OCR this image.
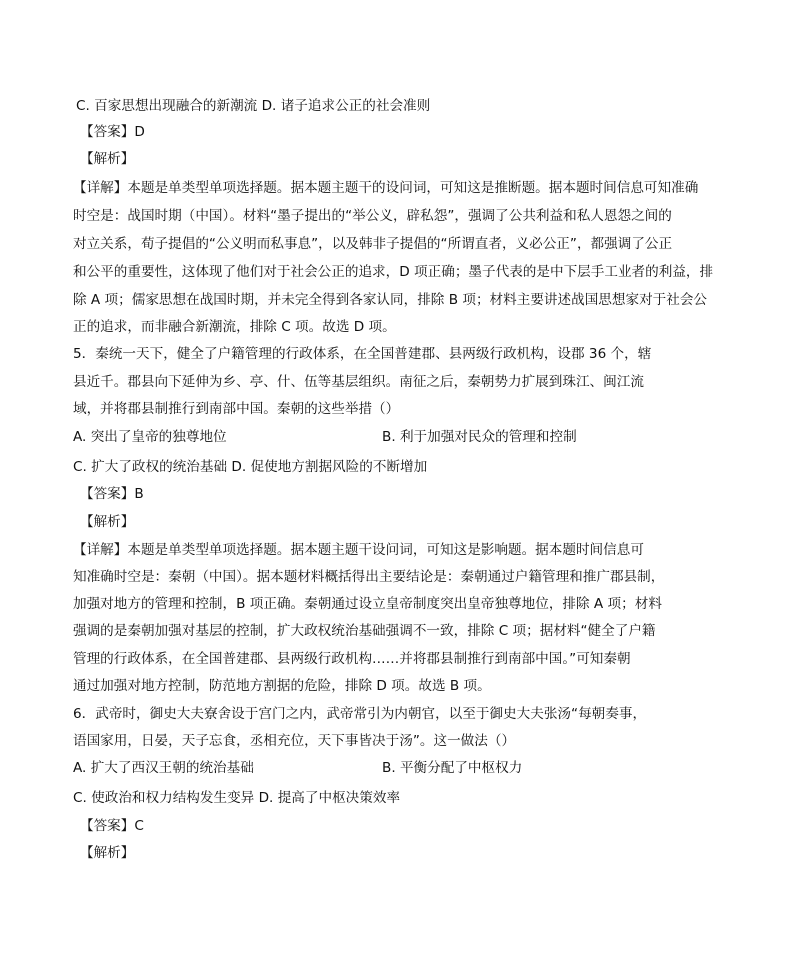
C. 百家思想出现融合的新潮流 D. 诸子追求公正的社会准则
【答案】D
【解析】
【详解】本题是单类型单项选择题。据本题主题干的设问词，可知这是推断题。据本题时间信息可知准确
时空是：战国时期（中国）。材料“墨子提出的“举公义，辟私怨”，强调了公共利益和私人恩怨之间的
对立关系，荀子提倡的“公义明而私事息”，以及韩非子提倡的“所谓直者，义必公正”，都强调了公正
和公平的重要性，这体现了他们对于社会公正的追求，D 项正确；墨子代表的是中下层手工业者的利益，排
除 A 项；儒家思想在战国时期，并未完全得到各家认同，排除 B 项；材料主要讲述战国思想家对于社会公
正的追求，而非融合新潮流，排除 C 项。故选 D 项。
5．秦统一天下，健全了户籍管理的行政体系，在全国普建郡、县两级行政机构，设郡 36 个，辖
县近千。郡县向下延伸为乡、亭、什、伍等基层组织。南征之后，秦朝势力扩展到珠江、闽江流
域，并将郡县制推行到南部中国。秦朝的这些举措（）
A. 突出了皇帝的独尊地位	B. 利于加强对民众的管理和控制
C. 扩大了政权的统治基础 D. 促使地方割据风险的不断增加
【答案】B
【解析】
【详解】本题是单类型单项选择题。据本题主题干设问词，可知这是影响题。据本题时间信息可
知准确时空是：秦朝（中国）。据本题材料概括得出主要结论是：秦朝通过户籍管理和推广郡县制，
加强对地方的管理和控制，B 项正确。秦朝通过设立皇帝制度突出皇帝独尊地位，排除 A 项；材料
强调的是秦朝加强对基层的控制，扩大政权统治基础强调不一致，排除 C 项；据材料“健全了户籍
管理的行政体系，在全国普建郡、县两级行政机构……并将郡县制推行到南部中国。”可知秦朝
通过加强对地方控制，防范地方割据的危险，排除 D 项。故选 B 项。
6．武帝时，御史大夫寮舍设于宫门之内，武帝常引为内朝官，以至于御史大夫张汤“每朝奏事，
语国家用，日晏，天子忘食，丞相充位，天下事皆决于汤”。这一做法（）
A. 扩大了西汉王朝的统治基础	B. 平衡分配了中枢权力
C. 使政治和权力结构发生变异 D. 提高了中枢决策效率
【答案】C
【解析】
